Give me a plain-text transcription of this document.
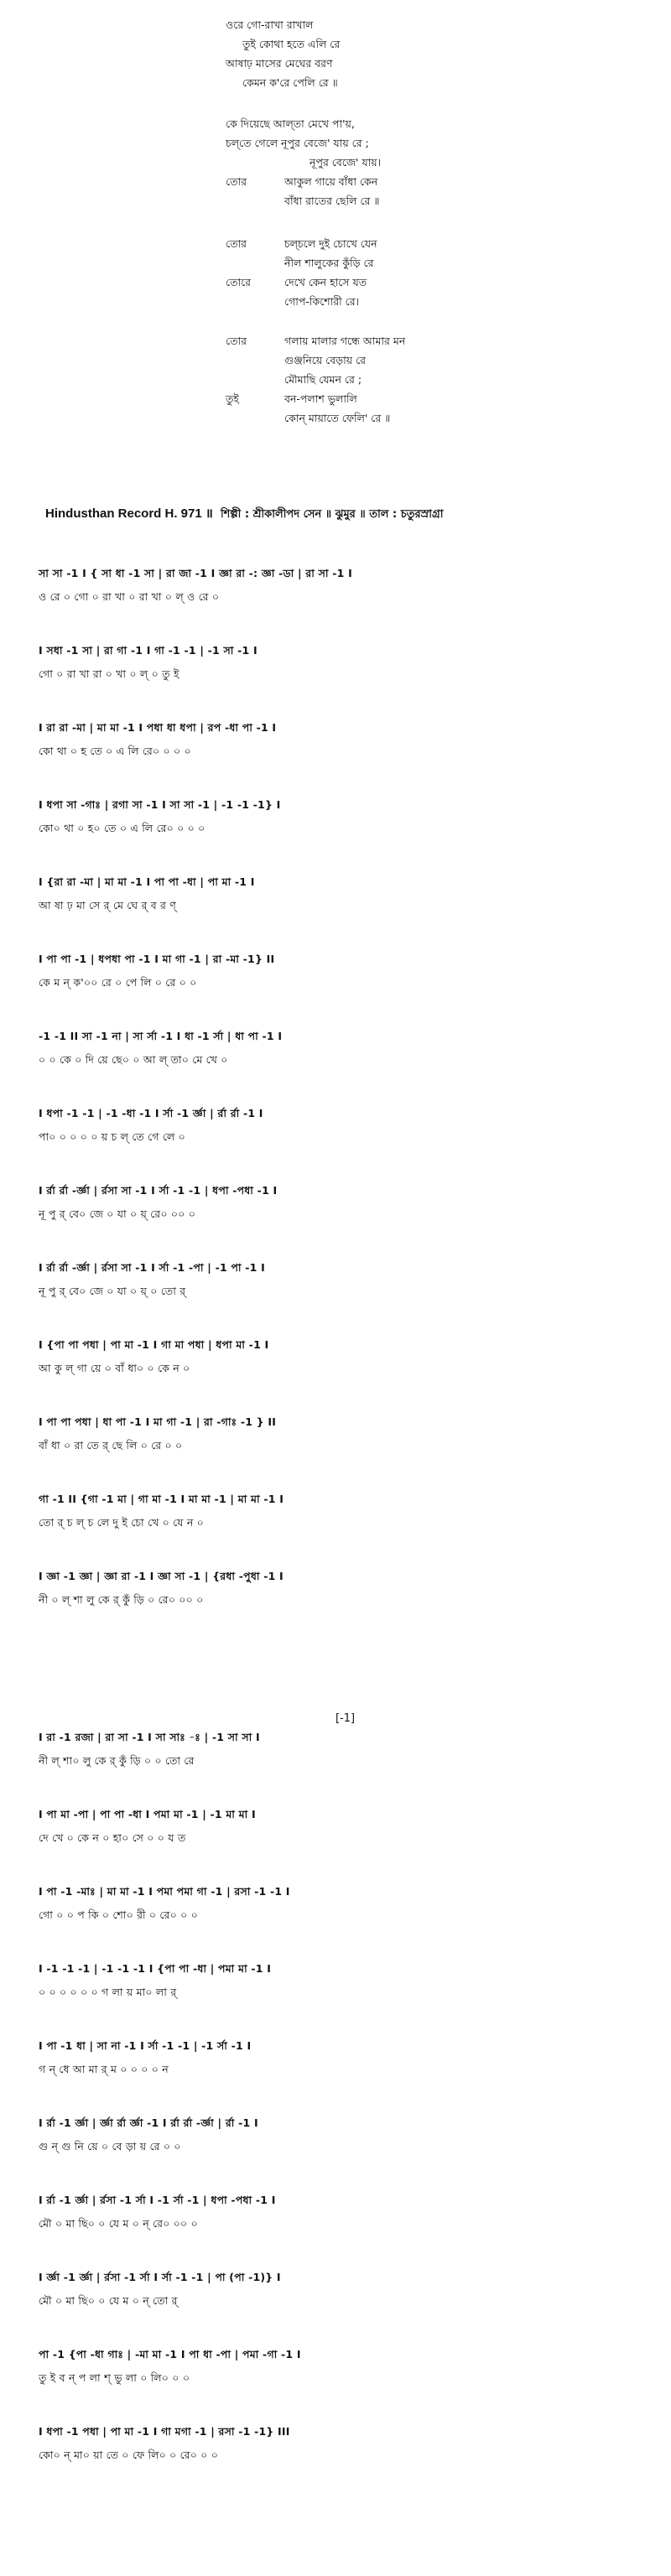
ওরে গো-রাখা রাখাল
তুই কোথা হতে এলি রে
আষাঢ় মাসের মেঘের বরণ
কেমন ক'রে পেলি রে ॥
কে দিয়েছে আল্‌তা মেখে পা'য়,
চল্‌তে গেলে নূপুর বেজে' যায় রে ;
নূপুর বেজে' যায়।
তোর	আকুল গায়ে বাঁধা কেন
বাঁধা রাতের ছেলি রে ॥
তোর	চল্‌চলে দুই চোখে যেন
নীল শালুকের কুঁড়ি রে
তোরে	দেখে কেন হাসে যত
গোপ-কিশোরী রে।
তোর	গলায় মালার গন্ধে আমার মন
গুঞ্জনিয়ে বেড়ায় রে
মৌমাছি যেমন রে ;
তুই	বন-পলাশ ভুলালি
কোন্ মায়াতে ফেলি' রে ॥
Hindusthan Record H. 971 ॥ শিল্পী : শ্রীকালীপদ সেন ॥ ঝুমুর ॥ তাল : চতুরস্রাগ্রা
সা সা -1 I { সা ধা -1 সা | রা জা -1 I জ্ঞা রা -: জ্ঞা -ডা | রা সা -1 I
ও রে ০ গো ০ রা খা ০ রা খা ০ ল্ ও রে ০
I সধা -1 সা | রা গা -1 I গা -1 -1 | -1 সা -1 I
গো ০ রা খা রা ০ খা ০ ল্ ০ তু ই
I রা রা -মা | মা মা -1 I পধা ধা ধপা | রপ -ধা পা -1 I
কো থা ০ হ তে ০ এ লি রে০ ০ ০ ০
I ধপা সা -গাঃ | রগা সা -1 I সা সা -1 | -1 -1 -1} I
কো০ থা ০ হ০ তে ০ এ লি রে০ ০ ০ ০
I {রা রা -মা | মা মা -1 I পা পা -ধা | পা মা -1 I
আ ষা ঢ় মা সে র্ মে ঘে র্ ব র ণ্
I পা পা -1 | ধপধা পা -1 I মা গা -1 | রা -মা -1} II
কে ম ন্ ক'০০ রে ০ পে লি ০ রে ০ ০
-1 -1 II সা -1 না | সা র্সা -1 I ধা -1 র্সা | ধা পা -1 I
০ ০ কে ০ দি য়ে ছে০ ০ আ ল্ তা০ মে খে ০
I ধপা -1 -1 | -1 -ধা -1 I র্সা -1 র্জ্ঞা | র্রা র্রা -1 I
পা০ ০ ০ ০ ০ য় চ ল্ তে গে লে ০
I র্রা র্রা -র্জ্ঞা | র্রসা সা -1 I র্সা -1 -1 | ধপা -পধা -1 I
নূ পু র্ বে০ জে ০ যা ০ য়্ রে০ ০০ ০
I র্রা র্রা -র্জ্ঞা | র্রসা সা -1 I র্সা -1 -পা | -1 পা -1 I
নূ পু র্ বে০ জে ০ যা ০ য়্ ০ তো র্
I {পা পা পধা | পা মা -1 I গা মা পধা | ধপা মা -1 I
আ কু ল্ গা য়ে ০ বাঁ ধা০ ০ কে ন ০
I পা পা পধা | ধা পা -1 I মা গা -1 | রা -গাঃ -1 } II
বাঁ ধা ০ রা তে র্ ছে লি ০ রে ০ ০
গা -1 II {গা -1 মা | গা মা -1 I মা মা -1 | মা মা -1 I
তো র্ চ ল্ চ লে দু ই চো খে ০ যে ন ০
I জ্ঞা -1 জ্ঞা | জ্ঞা রা -1 I জ্ঞা সা -1 | {রধা -পুধা -1 I
নী ০ ল্ শা লু কে র্ কুঁ ড়ি ০ রে০ ০০ ০
[-1]
I রা -1 রজা | রা সা -1 I সা সাঃ -ঃ | -1 সা সা I
নী ল্ শা০ লু কে র্ কুঁ ড়ি ০ ০ তো রে
I পা মা -পা | পা পা -ধা I পমা মা -1 | -1 মা মা I
দে খে ০ কে ন ০ হা০ সে ০ ০ য ত
I পা -1 -মাঃ | মা মা -1 I পমা পমা গা -1 | রসা -1 -1 I
গো ০ ০ প কি ০ শো০ রী ০ রে০ ০ ০
I -1 -1 -1 | -1 -1 -1 I {পা পা -ধা | পমা মা -1 I
০ ০ ০ ০ ০ ০ গ লা য় মা০ লা র্
I পা -1 ধা | সা না -1 I র্সা -1 -1 | -1 র্সা -1 I
গ ন্ ধে আ মা র্ ম ০ ০ ০ ০ ন
I র্রা -1 র্জ্ঞা | র্জ্ঞা র্রা র্জ্ঞা -1 I র্রা র্রা -র্জ্ঞা | র্রা -1 I
গু ন্ গু নি য়ে ০ বে ড়া য় রে ০ ০
I র্রা -1 র্জ্ঞা | র্রসা -1 র্সা I -1 র্সা -1 | ধপা -পধা -1 I
মৌ ০ মা ছি০ ০ যে ম ০ ন্ রে০ ০০ ০
I র্জ্ঞা -1 র্জ্ঞা | র্রসা -1 র্সা I র্সা -1 -1 | পা (পা -1)} I
মৌ ০ মা ছি০ ০ যে ম ০ ন্ তো র্
পা -1 {পা -ধা গাঃ | -মা মা -1 I পা ধা -পা | পমা -গা -1 I
তু ই ব ন্ প লা শ্ ভু লা ০ লি০ ০ ০
I ধপা -1 পধা | পা মা -1 I গা মগা -1 | রসা -1 -1} III
কো০ ন্ মা০ য়া তে ০ ফে লি০ ০ রে০ ০ ০
